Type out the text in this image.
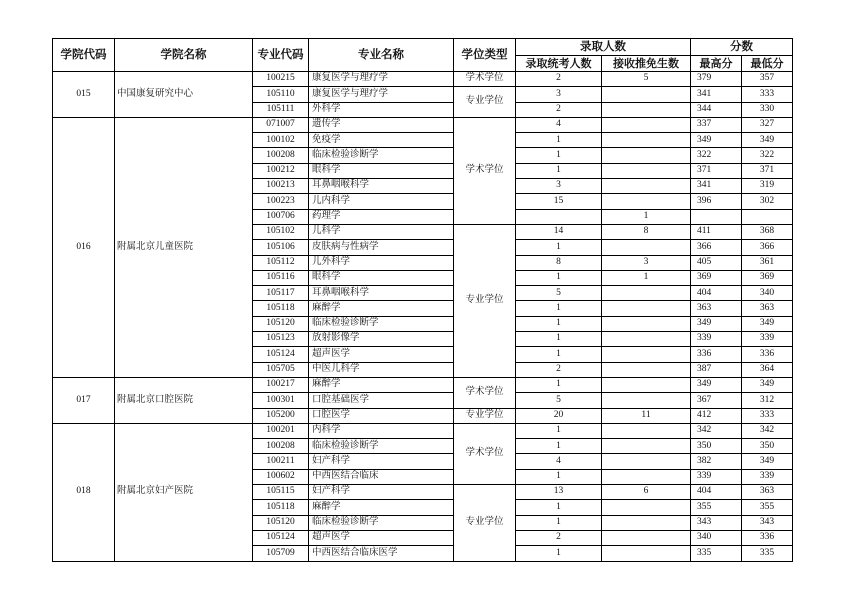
学院代码	学院名称	专业代码	专业名称	学位类型	录取人数		分数	
					录取统考人数	接收推免生数	最高分	最低分
015	中国康复研究中心	100215	康复医学与理疗学	学术学位	2	5	379	357
		105110	康复医学与理疗学	专业学位	3		341	333
		105111	外科学		2		344	330
016	附属北京儿童医院	071007	遗传学	学术学位	4		337	327
		100102	免疫学		1		349	349
		100208	临床检验诊断学		1		322	322
		100212	眼科学		1		371	371
		100213	耳鼻咽喉科学		3		341	319
		100223	儿内科学		15		396	302
		100706	药理学			1		
		105102	儿科学	专业学位	14	8	411	368
		105106	皮肤病与性病学		1		366	366
		105112	儿外科学		8	3	405	361
		105116	眼科学		1	1	369	369
		105117	耳鼻咽喉科学		5		404	340
		105118	麻醉学		1		363	363
		105120	临床检验诊断学		1		349	349
		105123	放射影像学		1		339	339
		105124	超声医学		1		336	336
		105705	中医儿科学		2		387	364
017	附属北京口腔医院	100217	麻醉学	学术学位	1		349	349
		100301	口腔基础医学		5		367	312
		105200	口腔医学	专业学位	20	11	412	333
018	附属北京妇产医院	100201	内科学	学术学位	1		342	342
		100208	临床检验诊断学		1		350	350
		100211	妇产科学		4		382	349
		100602	中西医结合临床		1		339	339
		105115	妇产科学	专业学位	13	6	404	363
		105118	麻醉学		1		355	355
		105120	临床检验诊断学		1		343	343
		105124	超声医学		2		340	336
		105709	中西医结合临床医学		1		335	335
